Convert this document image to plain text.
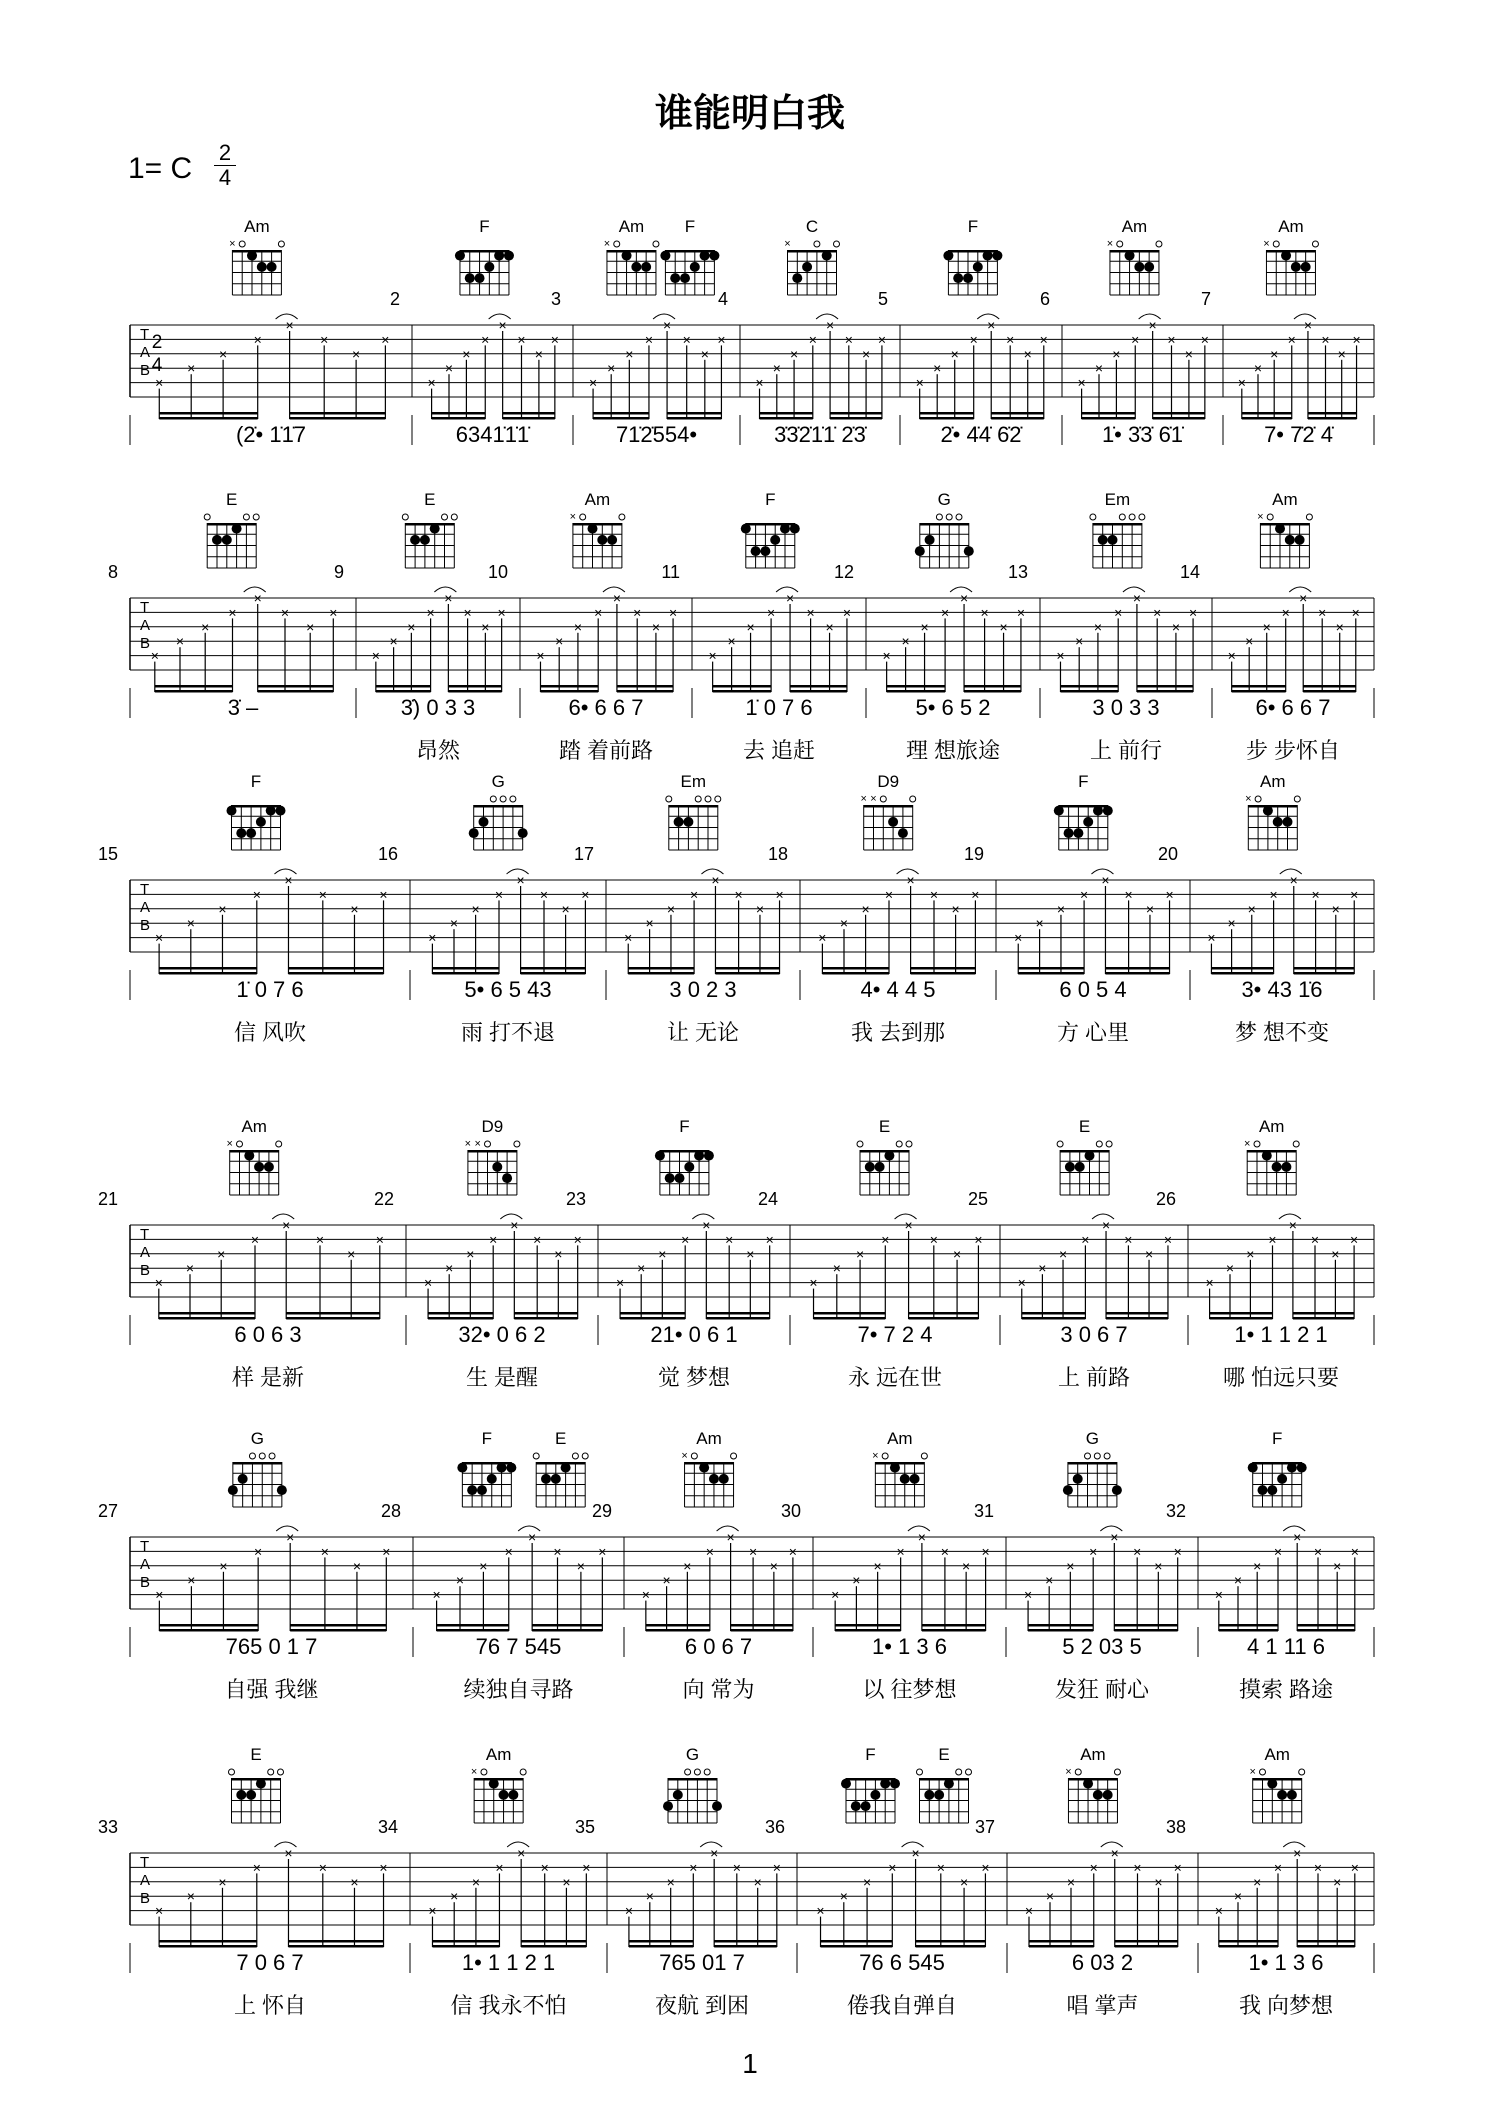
谁能明白我
1= C 2
4
T
A
B
2
4
Am
×
×
×
×
×
×
×
×
×
(2̇• 1̇1̇7
2
F
×
×
×
×
×
×
×
×
6341̇1̇1̇
3
Am
×
F
×
×
×
×
×
×
×
×
71̇2̇554•
4
C
×
×
×
×
×
×
×
×
×
3̇3̇2̇1̇1̇ 2̇3̇
5
F
×
×
×
×
×
×
×
×
2̇• 4̇4̇ 6̇2̇
6
Am
×
×
×
×
×
×
×
×
×
1̇• 3̇3̇ 6̇1̇
7
Am
×
×
×
×
×
×
×
×
×
7• 7̇2̇ 4̇
T
A
B
8
E
×
×
×
×
×
×
×
×
3̇ –
9
E
×
×
×
×
×
×
×
×
3̇) 0 3 3
昂然
10
Am
×
×
×
×
×
×
×
×
×
6• 6 6 7
踏 着前路
11
F
×
×
×
×
×
×
×
×
1̇ 0 7 6
去 追赶
12
G
×
×
×
×
×
×
×
×
5• 6 5 2
理 想旅途
13
Em
×
×
×
×
×
×
×
×
3 0 3 3
上 前行
14
Am
×
×
×
×
×
×
×
×
×
6• 6 6 7
步 步怀自
T
A
B
15
F
×
×
×
×
×
×
×
×
1̇ 0 7 6
信 风吹
16
G
×
×
×
×
×
×
×
×
5• 6 5 43
雨 打不退
17
Em
×
×
×
×
×
×
×
×
3 0 2 3
让 无论
18
D9
× ×
×
×
×
×
×
×
×
×
4• 4 4 5
我 去到那
19
F
×
×
×
×
×
×
×
×
6 0 5 4
方 心里
20
Am
×
×
×
×
×
×
×
×
×
3• 43 1̇6
梦 想不变
T
A
B
21
Am
×
×
×
×
×
×
×
×
×
6 0 6 3
样 是新
22
D9
× ×
×
×
×
×
×
×
×
×
32• 0 6 2
生 是醒
23
F
×
×
×
×
×
×
×
×
21• 0 6 1
觉 梦想
24
E
×
×
×
×
×
×
×
×
7• 7 2 4
永 远在世
25
E
×
×
×
×
×
×
×
×
3 0 6 7
上 前路
26
Am
×
×
×
×
×
×
×
×
×
1• 1 1 2 1
哪 怕远只要
T
A
B
27
G
×
×
×
×
×
×
×
×
765 0 1 7
自强 我继
28
F	E
×
×
×
×
×
×
×
×
76 7 545
续独自寻路
29
Am
×
×
×
×
×
×
×
×
×
6 0 6 7
向 常为
30
Am
×
×
×
×
×
×
×
×
×
1• 1 3 6
以 往梦想
31
G
×
×
×
×
×
×
×
×
5 2 03 5
发狂 耐心
32
F
×
×
×
×
×
×
×
×
4 1 11 6
摸索 路途
T
A
B
33
E
×
×
×
×
×
×
×
×
7 0 6 7
上 怀自
34
Am
×
×
×
×
×
×
×
×
×
1• 1 1 2 1
信 我永不怕
35
G
×
×
×
×
×
×
×
×
765 01 7
夜航 到困
36
F	E
×
×
×
×
×
×
×
×
76 6 545
倦我自弹自
37
Am
×
×
×
×
×
×
×
×
×
6 03 2
唱 掌声
38
Am
×
×
×
×
×
×
×
×
×
1• 1 3 6
我 向梦想
1
